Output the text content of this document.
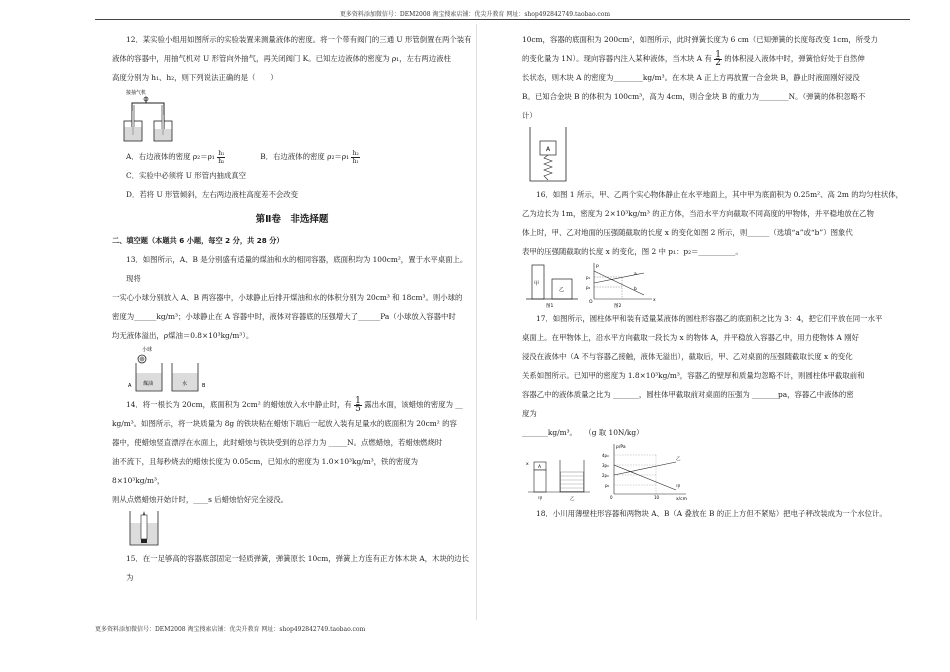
更多资料添加微信号：DEM2008 淘宝搜索店铺：优尖升教育 网址：shop492842749.taobao.com

12．某实验小组用如图所示的实验装置来测量液体的密度。将一个带有阀门的三通 U 形管倒置在两个装有

液体的容器中，用抽气机对 U 形管向外抽气，再关闭阀门 K。已知左边液体的密度为 ρ₁，左右两边液柱

高度分别为 h₁、h₂，则下列说法正确的是（　　）

接抽气机

A．右边液体的密度 $\rho_2=\rho_1 \frac{\text{h₁}}{\text{h₂}}$	B．右边液体的密度 $\rho_2=\rho_1 \frac{\text{h₂}}{\text{h₁}}$

C．实验中必须将 U 形管内抽成真空

D．若将 U 形管倾斜，左右两边液柱高度差不会改变

第Ⅱ卷　非选择题

二、填空题（本题共 6 小题，每空 2 分，共 28 分）

13．如图所示，A、B 是分别盛有适量的煤油和水的相同容器，底面积均为 100cm²，置于水平桌面上。现将

一实心小球分别放入 A、B 两容器中，小球静止后排开煤油和水的体积分别为 20cm³ 和 18cm³。则小球的

密度为______kg/m³；小球静止在 A 容器中时，液体对容器底的压强增大了______Pa（小球放入容器中时

均无液体溢出，ρ煤油＝0.8×10³kg/m³）。

小球
煤油	水
A	B

14．将一根长为 20cm，底面积为 2cm² 的蜡烛放入水中静止时，有 $\frac{1}{5}$ 露出水面，该蜡烛的密度为 __

kg/m³。如图所示，将一块质量为 8g 的铁块粘在蜡烛下端后一起放入装有足量水的底面积为 20cm² 的容

器中，使蜡烛竖直漂浮在水面上，此时蜡烛与铁块受到的总浮力为 _____N。点燃蜡烛，若蜡烛燃烧时

油不流下，且每秒烧去的蜡烛长度为 0.05cm，已知水的密度为 1.0×10³kg/m³，铁的密度为 8×10³kg/m³，

则从点燃蜡烛开始计时，____s 后蜡烛恰好完全浸没。

15．在一足够高的容器底部固定一轻质弹簧，弹簧原长 10cm，弹簧上方连有正方体木块 A，木块的边长为

10cm，容器的底面积为 200cm²，如图所示，此时弹簧长度为 6 cm（已知弹簧的长度每改变 1cm，所受力

的变化量为 1N）。现向容器内注入某种液体，当木块 A 有 $\frac{1}{2}$ 的体积浸入液体中时，弹簧恰好处于自然伸

长状态，则木块 A 的密度为________kg/m³。在木块 A 正上方再放置一合金块 B，静止时液面刚好浸没

B。已知合金块 B 的体积为 100cm³，高为 4cm，则合金块 B 的重力为________N。（弹簧的体积忽略不

计）

A

16．如图 1 所示，甲、乙两个实心物体静止在水平地面上，其中甲为底面积为 0.25m²、高 2m 的均匀柱状体，

乙为边长为 1m，密度为 2×10³kg/m³ 的正方体，当沿水平方向截取不同高度的甲物体，并平稳地放在乙物

体上时，甲、乙对地面的压强随截取的长度 x 的变化如图 2 所示，则______（选填“a”或“b”）图象代

表甲的压强随截取的长度 x 的变化，图 2 中 p₁：p₂＝__________。

甲
乙
图1
p
x
O
p₁
p₂
a
b
图2

17．如图所示，圆柱体甲和装有适量某液体的圆柱形容器乙的底面积之比为 3：4，把它们平放在同一水平

桌面上。在甲物体上，沿水平方向截取一段长为 x 的物体 A，并平稳放入容器乙中，用力使物体 A 刚好

浸没在液体中（A 不与容器乙接触，液体无溢出），截取后，甲、乙对桌面的压强随截取长度 x 的变化

关系如图所示。已知甲的密度为 1.8×10³kg/m³，容器乙的壁厚和质量均忽略不计，则圆柱体甲截取前和

容器乙中的液体质量之比为 _______，圆柱体甲截取前对桌面的压强为 _______pa，容器乙中液体的密

度为

_______kg/m³。　　（g 取 10N/kg）

x
A
甲	乙
p/Pa
x/cm
4p₀
3p₀
2p₀
p₀
0	10
乙
甲

18．小川用薄壁柱形容器和两物块 A、B（A 叠放在 B 的正上方但不紧贴）把电子秤改装成为一个水位计。

更多资料添加微信号：DEM2008 淘宝搜索店铺：优尖升教育 网址：shop492842749.taobao.com
